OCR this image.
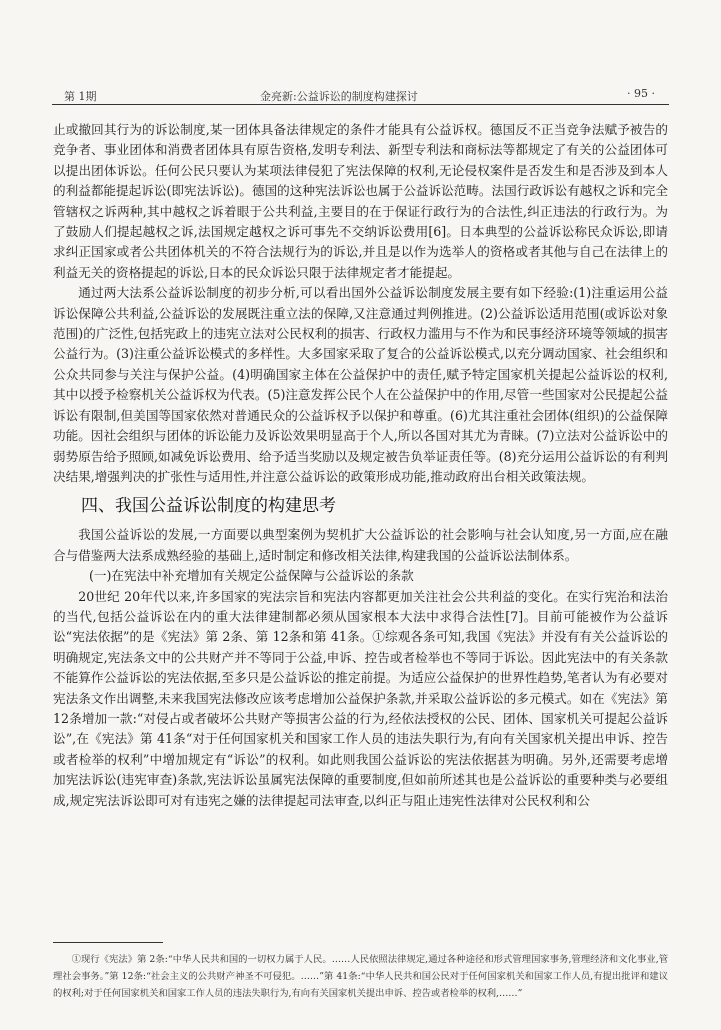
第 1期	金亮新:公益诉讼的制度构建探讨	· 95 ·

止或撤回其行为的诉讼制度,某一团体具备法律规定的条件才能具有公益诉权。德国反不正当竞争法赋予被告的竞争者、事业团体和消费者团体具有原告资格,发明专利法、新型专利法和商标法等都规定了有关的公益团体可以提出团体诉讼。任何公民只要认为某项法律侵犯了宪法保障的权利,无论侵权案件是否发生和是否涉及到本人的利益都能提起诉讼(即宪法诉讼)。德国的这种宪法诉讼也属于公益诉讼范畴。法国行政诉讼有越权之诉和完全管辖权之诉两种,其中越权之诉着眼于公共利益,主要目的在于保证行政行为的合法性,纠正违法的行政行为。为了鼓励人们提起越权之诉,法国规定越权之诉可事先不交纳诉讼费用[6]。日本典型的公益诉讼称民众诉讼,即请求纠正国家或者公共团体机关的不符合法规行为的诉讼,并且是以作为选举人的资格或者其他与自己在法律上的利益无关的资格提起的诉讼,日本的民众诉讼只限于法律规定者才能提起。

通过两大法系公益诉讼制度的初步分析,可以看出国外公益诉讼制度发展主要有如下经验:(1)注重运用公益诉讼保障公共利益,公益诉讼的发展既注重立法的保障,又注意通过判例推进。(2)公益诉讼适用范围(或诉讼对象范围)的广泛性,包括宪政上的违宪立法对公民权利的损害、行政权力滥用与不作为和民事经济环境等领域的损害公益行为。(3)注重公益诉讼模式的多样性。大多国家采取了复合的公益诉讼模式,以充分调动国家、社会组织和公众共同参与关注与保护公益。(4)明确国家主体在公益保护中的责任,赋予特定国家机关提起公益诉讼的权利,其中以授予检察机关公益诉权为代表。(5)注意发挥公民个人在公益保护中的作用,尽管一些国家对公民提起公益诉讼有限制,但美国等国家依然对普通民众的公益诉权予以保护和尊重。(6)尤其注重社会团体(组织)的公益保障功能。因社会组织与团体的诉讼能力及诉讼效果明显高于个人,所以各国对其尤为青睐。(7)立法对公益诉讼中的弱势原告给予照顾,如减免诉讼费用、给予适当奖励以及规定被告负举证责任等。(8)充分运用公益诉讼的有利判决结果,增强判决的扩张性与适用性,并注意公益诉讼的政策形成功能,推动政府出台相关政策法规。

四、我国公益诉讼制度的构建思考

我国公益诉讼的发展,一方面要以典型案例为契机扩大公益诉讼的社会影响与社会认知度,另一方面,应在融合与借鉴两大法系成熟经验的基础上,适时制定和修改相关法律,构建我国的公益诉讼法制体系。

(一)在宪法中补充增加有关规定公益保障与公益诉讼的条款

20世纪 20年代以来,许多国家的宪法宗旨和宪法内容都更加关注社会公共利益的变化。在实行宪治和法治的当代,包括公益诉讼在内的重大法律建制都必须从国家根本大法中求得合法性[7]。目前可能被作为公益诉讼“宪法依据”的是《宪法》第 2条、第 12条和第 41条。①综观各条可知,我国《宪法》并没有有关公益诉讼的明确规定,宪法条文中的公共财产并不等同于公益,申诉、控告或者检举也不等同于诉讼。因此宪法中的有关条款不能算作公益诉讼的宪法依据,至多只是公益诉讼的推定前提。为适应公益保护的世界性趋势,笔者认为有必要对宪法条文作出调整,未来我国宪法修改应该考虑增加公益保护条款,并采取公益诉讼的多元模式。如在《宪法》第 12条增加一款:“对侵占或者破坏公共财产等损害公益的行为,经依法授权的公民、团体、国家机关可提起公益诉讼”,在《宪法》第 41条“对于任何国家机关和国家工作人员的违法失职行为,有向有关国家机关提出申诉、控告或者检举的权利”中增加规定有“诉讼”的权利。如此则我国公益诉讼的宪法依据甚为明确。另外,还需要考虑增加宪法诉讼(违宪审查)条款,宪法诉讼虽属宪法保障的重要制度,但如前所述其也是公益诉讼的重要种类与必要组成,规定宪法诉讼即可对有违宪之嫌的法律提起司法审查,以纠正与阻止违宪性法律对公民权利和公

①现行《宪法》第 2条:“中华人民共和国的一切权力属于人民。……人民依照法律规定,通过各种途径和形式管理国家事务,管理经济和文化事业,管理社会事务。”第 12条:“社会主义的公共财产神圣不可侵犯。……”第 41条:“中华人民共和国公民对于任何国家机关和国家工作人员,有提出批评和建议的权利;对于任何国家机关和国家工作人员的违法失职行为,有向有关国家机关提出申诉、控告或者检举的权利,……”
